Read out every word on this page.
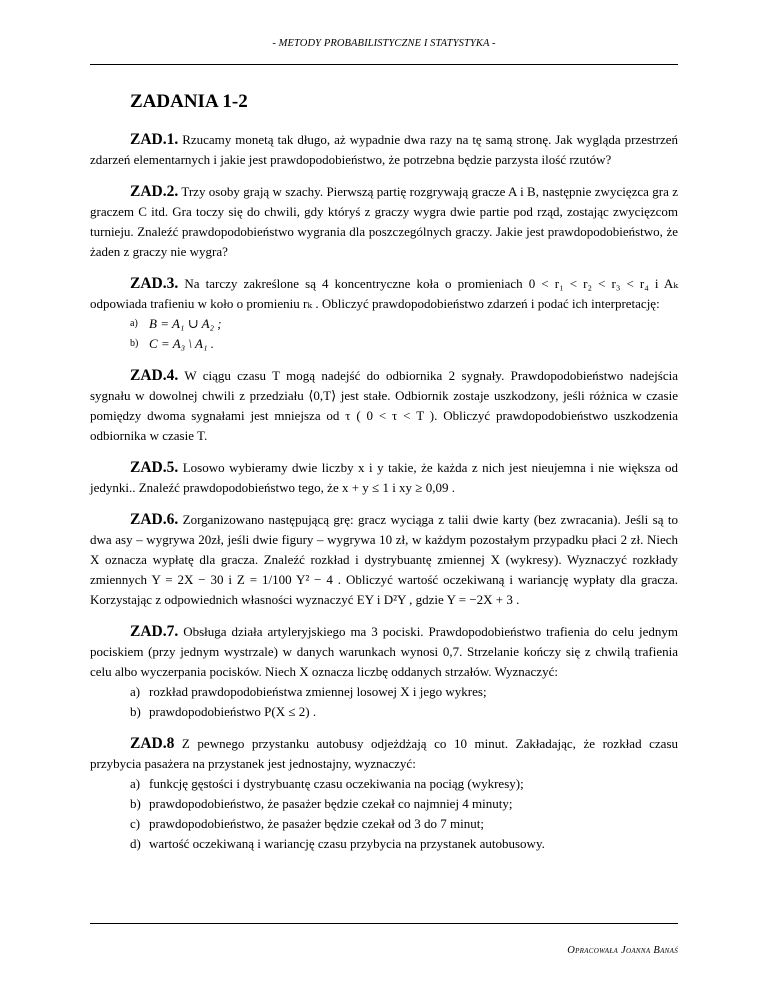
- METODY PROBABILISTYCZNE I STATYSTYKA -
ZADANIA 1-2
ZAD.1. Rzucamy monetą tak długo, aż wypadnie dwa razy na tę samą stronę. Jak wygląda przestrzeń zdarzeń elementarnych i jakie jest prawdopodobieństwo, że potrzebna będzie parzysta ilość rzutów?
ZAD.2. Trzy osoby grają w szachy. Pierwszą partię rozgrywają gracze A i B, następnie zwycięzca gra z graczem C itd. Gra toczy się do chwili, gdy któryś z graczy wygra dwie partie pod rząd, zostając zwycięzcom turnieju. Znaleźć prawdopodobieństwo wygrania dla poszczególnych graczy. Jakie jest prawdopodobieństwo, że żaden z graczy nie wygra?
ZAD.3. Na tarczy zakreślone są 4 koncentryczne koła o promieniach 0 < r₁ < r₂ < r₃ < r₄ i Aₖ odpowiada trafieniu w koło o promieniu rₖ . Obliczyć prawdopodobieństwo zdarzeń i podać ich interpretację:
a) B = A₁ ∪ A₂ ;
b) C = A₃ \ A₁ .
ZAD.4. W ciągu czasu T mogą nadejść do odbiornika 2 sygnały. Prawdopodobieństwo nadejścia sygnału w dowolnej chwili z przedziału ⟨0,T⟩ jest stałe. Odbiornik zostaje uszkodzony, jeśli różnica w czasie pomiędzy dwoma sygnałami jest mniejsza od τ ( 0 < τ < T ). Obliczyć prawdopodobieństwo uszkodzenia odbiornika w czasie T.
ZAD.5. Losowo wybieramy dwie liczby x i y takie, że każda z nich jest nieujemna i nie większa od jedynki.. Znaleźć prawdopodobieństwo tego, że x + y ≤ 1 i xy ≥ 0,09 .
ZAD.6. Zorganizowano następującą grę: gracz wyciąga z talii dwie karty (bez zwracania). Jeśli są to dwa asy – wygrywa 20zł, jeśli dwie figury – wygrywa 10 zł, w każdym pozostałym przypadku płaci 2 zł. Niech X oznacza wypłatę dla gracza. Znaleźć rozkład i dystrybuantę zmiennej X (wykresy). Wyznaczyć rozkłady zmiennych Y = 2X − 30 i Z = 1/100 Y² − 4 . Obliczyć wartość oczekiwaną i wariancję wypłaty dla gracza. Korzystając z odpowiednich własności wyznaczyć EY i D²Y , gdzie Y = −2X + 3 .
ZAD.7. Obsługa działa artyleryjskiego ma 3 pociski. Prawdopodobieństwo trafienia do celu jednym pociskiem (przy jednym wystrzale) w danych warunkach wynosi 0,7. Strzelanie kończy się z chwilą trafienia celu albo wyczerpania pocisków. Niech X oznacza liczbę oddanych strzałów. Wyznaczyć:
a) rozkład prawdopodobieństwa zmiennej losowej X i jego wykres;
b) prawdopodobieństwo P(X ≤ 2) .
ZAD.8 Z pewnego przystanku autobusy odjeżdżają co 10 minut. Zakładając, że rozkład czasu przybycia pasażera na przystanek jest jednostajny, wyznaczyć:
a) funkcję gęstości i dystrybuantę czasu oczekiwania na pociąg (wykresy);
b) prawdopodobieństwo, że pasażer będzie czekał co najmniej 4 minuty;
c) prawdopodobieństwo, że pasażer będzie czekał od 3 do 7 minut;
d) wartość oczekiwaną i wariancję czasu przybycia na przystanek autobusowy.
Opracowała Joanna Banaś
